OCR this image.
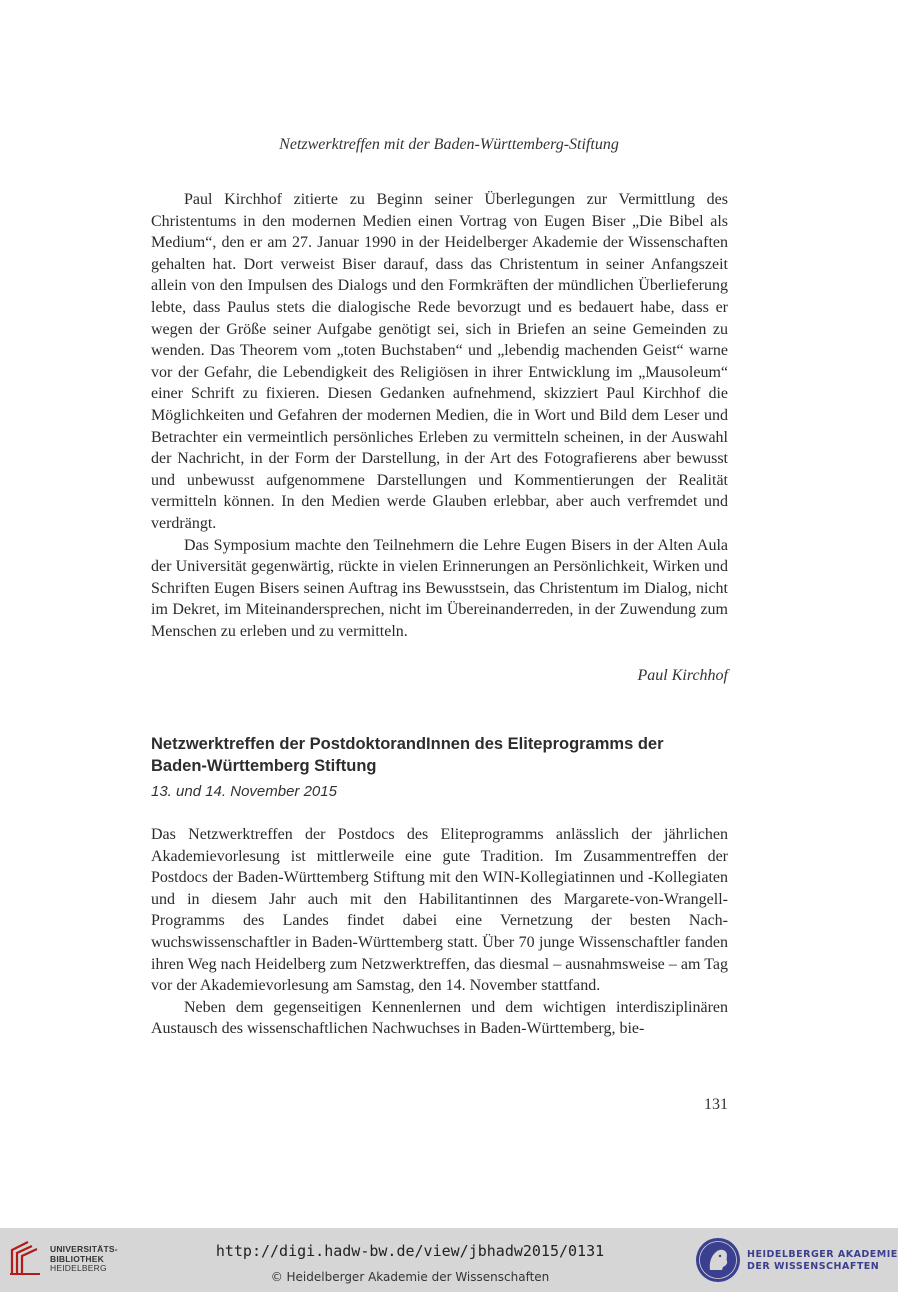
Netzwerktreffen mit der Baden-Württemberg-Stiftung

Paul Kirchhof zitierte zu Beginn seiner Überlegungen zur Vermittlung des Christentums in den modernen Medien einen Vortrag von Eugen Biser „Die Bibel als Medium“, den er am 27. Januar 1990 in der Heidelberger Akademie der Wissenschaften gehalten hat. Dort verweist Biser darauf, dass das Christentum in seiner Anfangszeit allein von den Impulsen des Dialogs und den Formkräften der mündlichen Überlieferung lebte, dass Paulus stets die dialogische Rede bevorzugt und es bedauert habe, dass er wegen der Größe seiner Aufgabe genötigt sei, sich in Briefen an seine Gemeinden zu wenden. Das Theorem vom „toten Buchstaben“ und „lebendig machenden Geist“ warne vor der Gefahr, die Lebendigkeit des Religiösen in ihrer Entwicklung im „Mausoleum“ einer Schrift zu fixieren. Diesen Gedanken aufnehmend, skizziert Paul Kirchhof die Möglichkeiten und Gefahren der modernen Medien, die in Wort und Bild dem Leser und Betrachter ein vermeintlich persönliches Erleben zu vermitteln scheinen, in der Auswahl der Nachricht, in der Form der Darstellung, in der Art des Fotografierens aber bewusst und unbewusst aufgenommene Darstellungen und Kommentierungen der Realität vermitteln können. In den Medien werde Glauben erlebbar, aber auch verfremdet und verdrängt.

Das Symposium machte den Teilnehmern die Lehre Eugen Bisers in der Alten Aula der Universität gegenwärtig, rückte in vielen Erinnerungen an Persönlichkeit, Wirken und Schriften Eugen Bisers seinen Auftrag ins Bewusstsein, das Christentum im Dialog, nicht im Dekret, im Miteinandersprechen, nicht im Übereinanderreden, in der Zuwendung zum Menschen zu erleben und zu vermitteln.

Paul Kirchhof
Netzwerktreffen der PostdoktorandInnen des Eliteprogramms der
Baden-Württemberg Stiftung
13. und 14. November 2015

Das Netzwerktreffen der Postdocs des Eliteprogramms anlässlich der jährlichen Akademievorlesung ist mittlerweile eine gute Tradition. Im Zusammentreffen der Postdocs der Baden-Württemberg Stiftung mit den WIN-Kollegiatinnen und -Kollegiaten und in diesem Jahr auch mit den Habilitantinnen des Margarete-von-Wrangell-Programms des Landes findet dabei eine Vernetzung der besten Nachwuchswissenschaftler in Baden-Württemberg statt. Über 70 junge Wissenschaftler fanden ihren Weg nach Heidelberg zum Netzwerktreffen, das diesmal – ausnahmsweise – am Tag vor der Akademievorlesung am Samstag, den 14. November stattfand.

Neben dem gegenseitigen Kennenlernen und dem wichtigen interdisziplinären Austausch des wissenschaftlichen Nachwuchses in Baden-Württemberg, bie-

131
UNIVERSITÄTS-
BIBLIOTHEK
HEIDELBERG
http://digi.hadw-bw.de/view/jbhadw2015/0131
© Heidelberger Akademie der Wissenschaften
HEIDELBERGER AKADEMIE
DER WISSENSCHAFTEN
